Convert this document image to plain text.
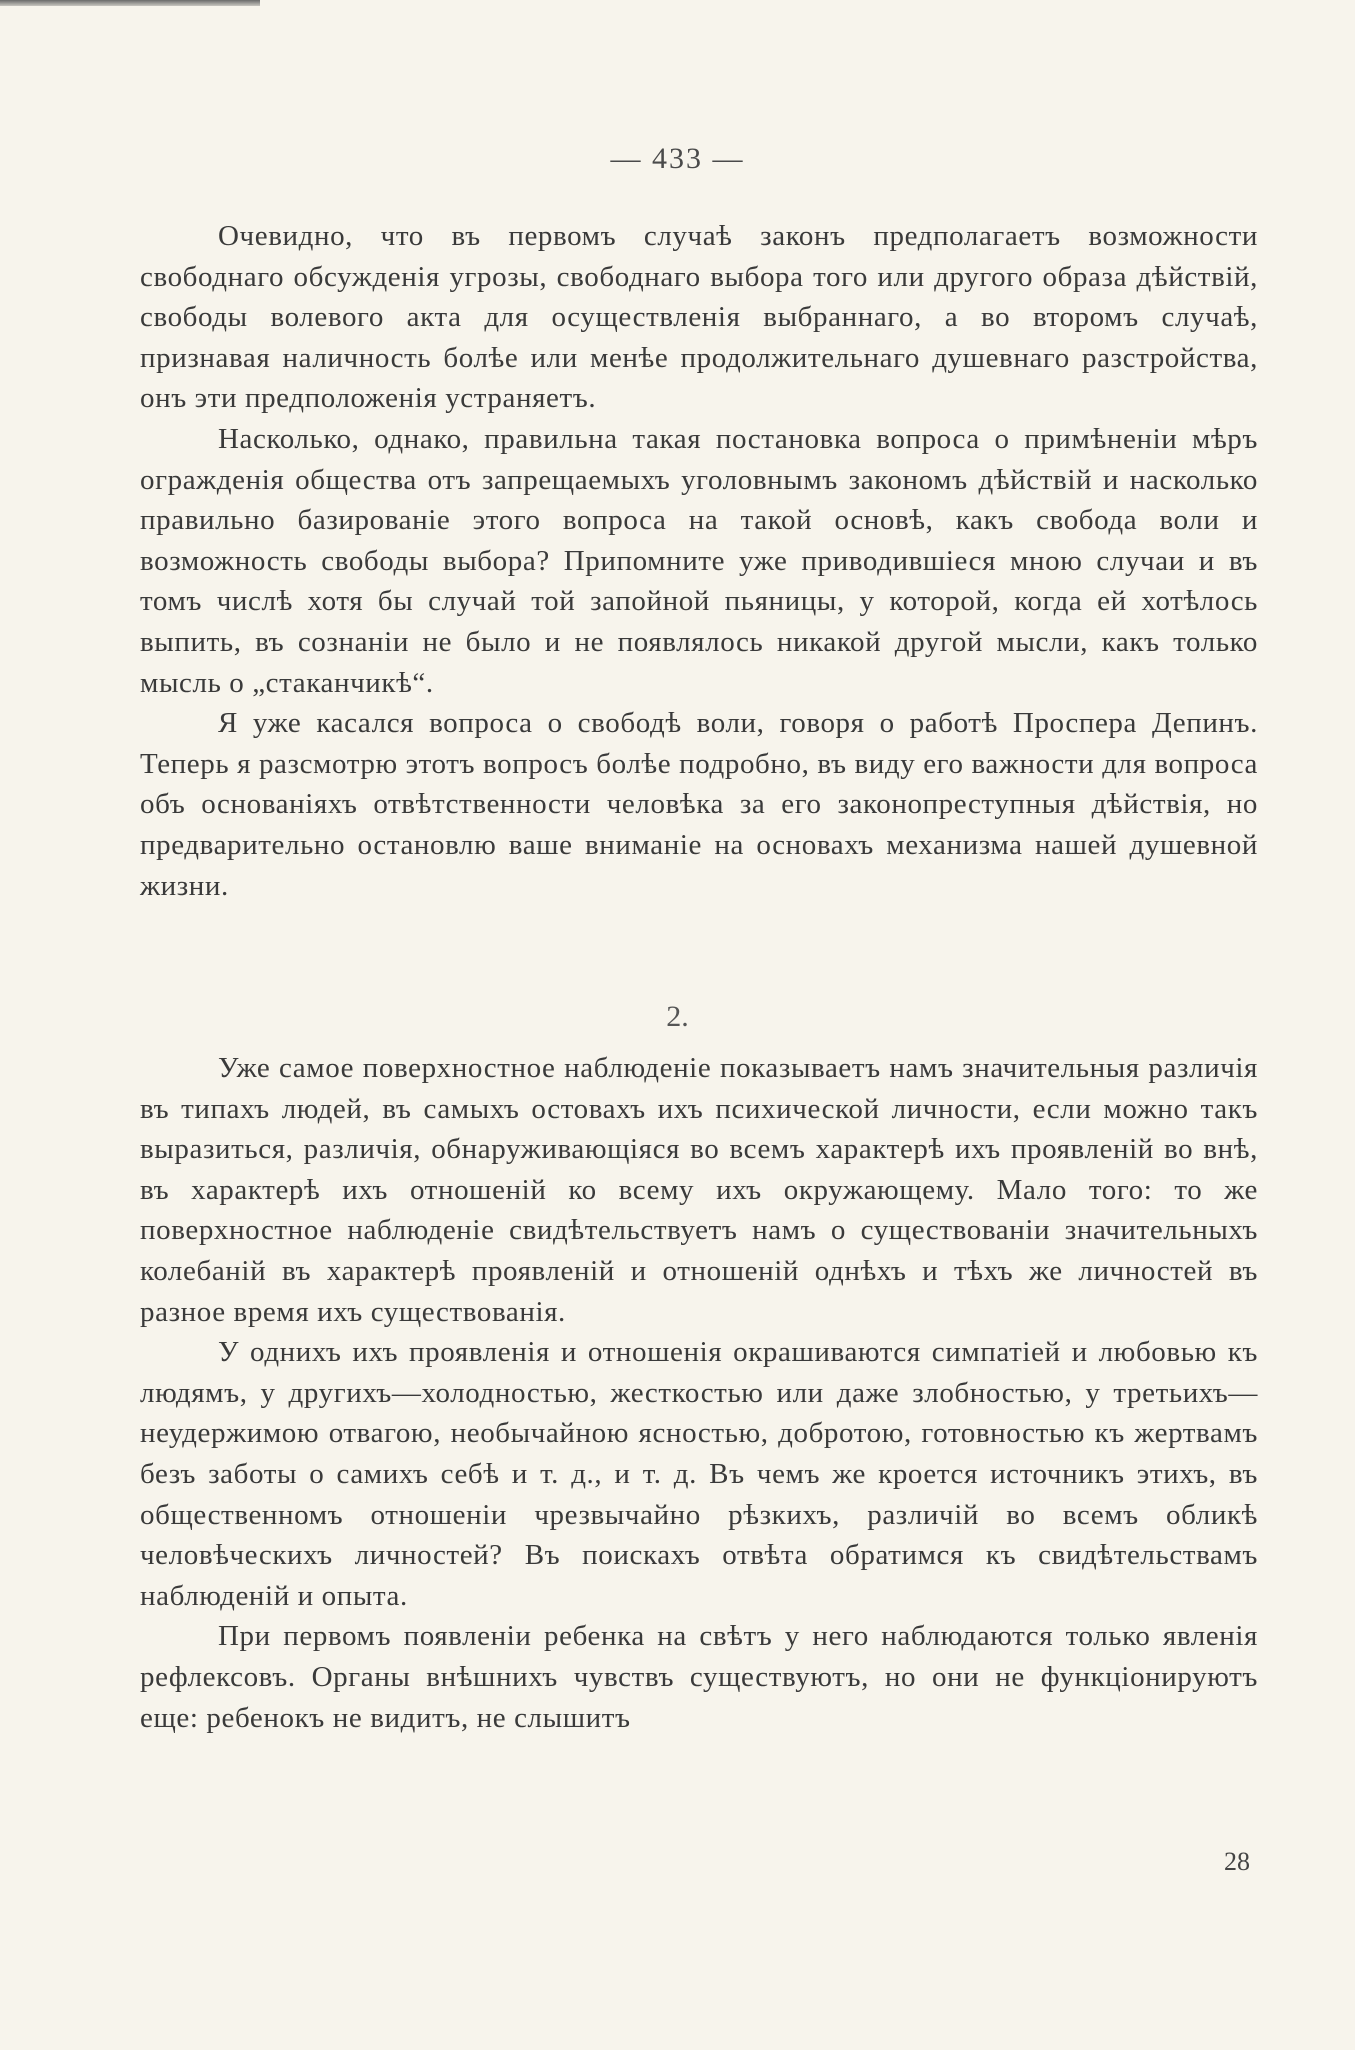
— 433 —

Очевидно, что въ первомъ случаѣ законъ предполагаетъ возможности свободнаго обсужденія угрозы, свободнаго выбора того или другого образа дѣйствій, свободы волевого акта для осуществленія выбраннаго, а во второмъ случаѣ, признавая наличность болѣе или менѣе продолжительнаго душевнаго разстройства, онъ эти предположенія устраняетъ.

Насколько, однако, правильна такая постановка вопроса о примѣненіи мѣръ огражденія общества отъ запрещаемыхъ уголовнымъ закономъ дѣйствій и насколько правильно базированіе этого вопроса на такой основѣ, какъ свобода воли и возможность свободы выбора? Припомните уже приводившіеся мною случаи и въ томъ числѣ хотя бы случай той запойной пьяницы, у которой, когда ей хотѣлось выпить, въ сознаніи не было и не появлялось никакой другой мысли, какъ только мысль о „стаканчикѣ“.

Я уже касался вопроса о свободѣ воли, говоря о работѣ Проспера Депинъ. Теперь я разсмотрю этотъ вопросъ болѣе подробно, въ виду его важности для вопроса объ основаніяхъ отвѣтственности человѣка за его законопреступныя дѣйствія, но предварительно остановлю ваше вниманіе на основахъ механизма нашей душевной жизни.

2.

Уже самое поверхностное наблюденіе показываетъ намъ значительныя различія въ типахъ людей, въ самыхъ остовахъ ихъ психической личности, если можно такъ выразиться, различія, обнаруживающіяся во всемъ характерѣ ихъ проявленій во внѣ, въ характерѣ ихъ отношеній ко всему ихъ окружающему. Мало того: то же поверхностное наблюденіе свидѣтельствуетъ намъ о существованіи значительныхъ колебаній въ характерѣ проявленій и отношеній однѣхъ и тѣхъ же личностей въ разное время ихъ существованія.

У однихъ ихъ проявленія и отношенія окрашиваются симпатіей и любовью къ людямъ, у другихъ—холодностью, жесткостью или даже злобностью, у третьихъ—неудержимою отвагою, необычайною ясностью, добротою, готовностью къ жертвамъ безъ заботы о самихъ себѣ и т. д., и т. д. Въ чемъ же кроется источникъ этихъ, въ общественномъ отношеніи чрезвычайно рѣзкихъ, различій во всемъ обликѣ человѣческихъ личностей? Въ поискахъ отвѣта обратимся къ свидѣтельствамъ наблюденій и опыта.

При первомъ появленіи ребенка на свѣтъ у него наблюдаются только явленія рефлексовъ. Органы внѣшнихъ чувствъ существуютъ, но они не функціонируютъ еще: ребенокъ не видитъ, не слышитъ

28
